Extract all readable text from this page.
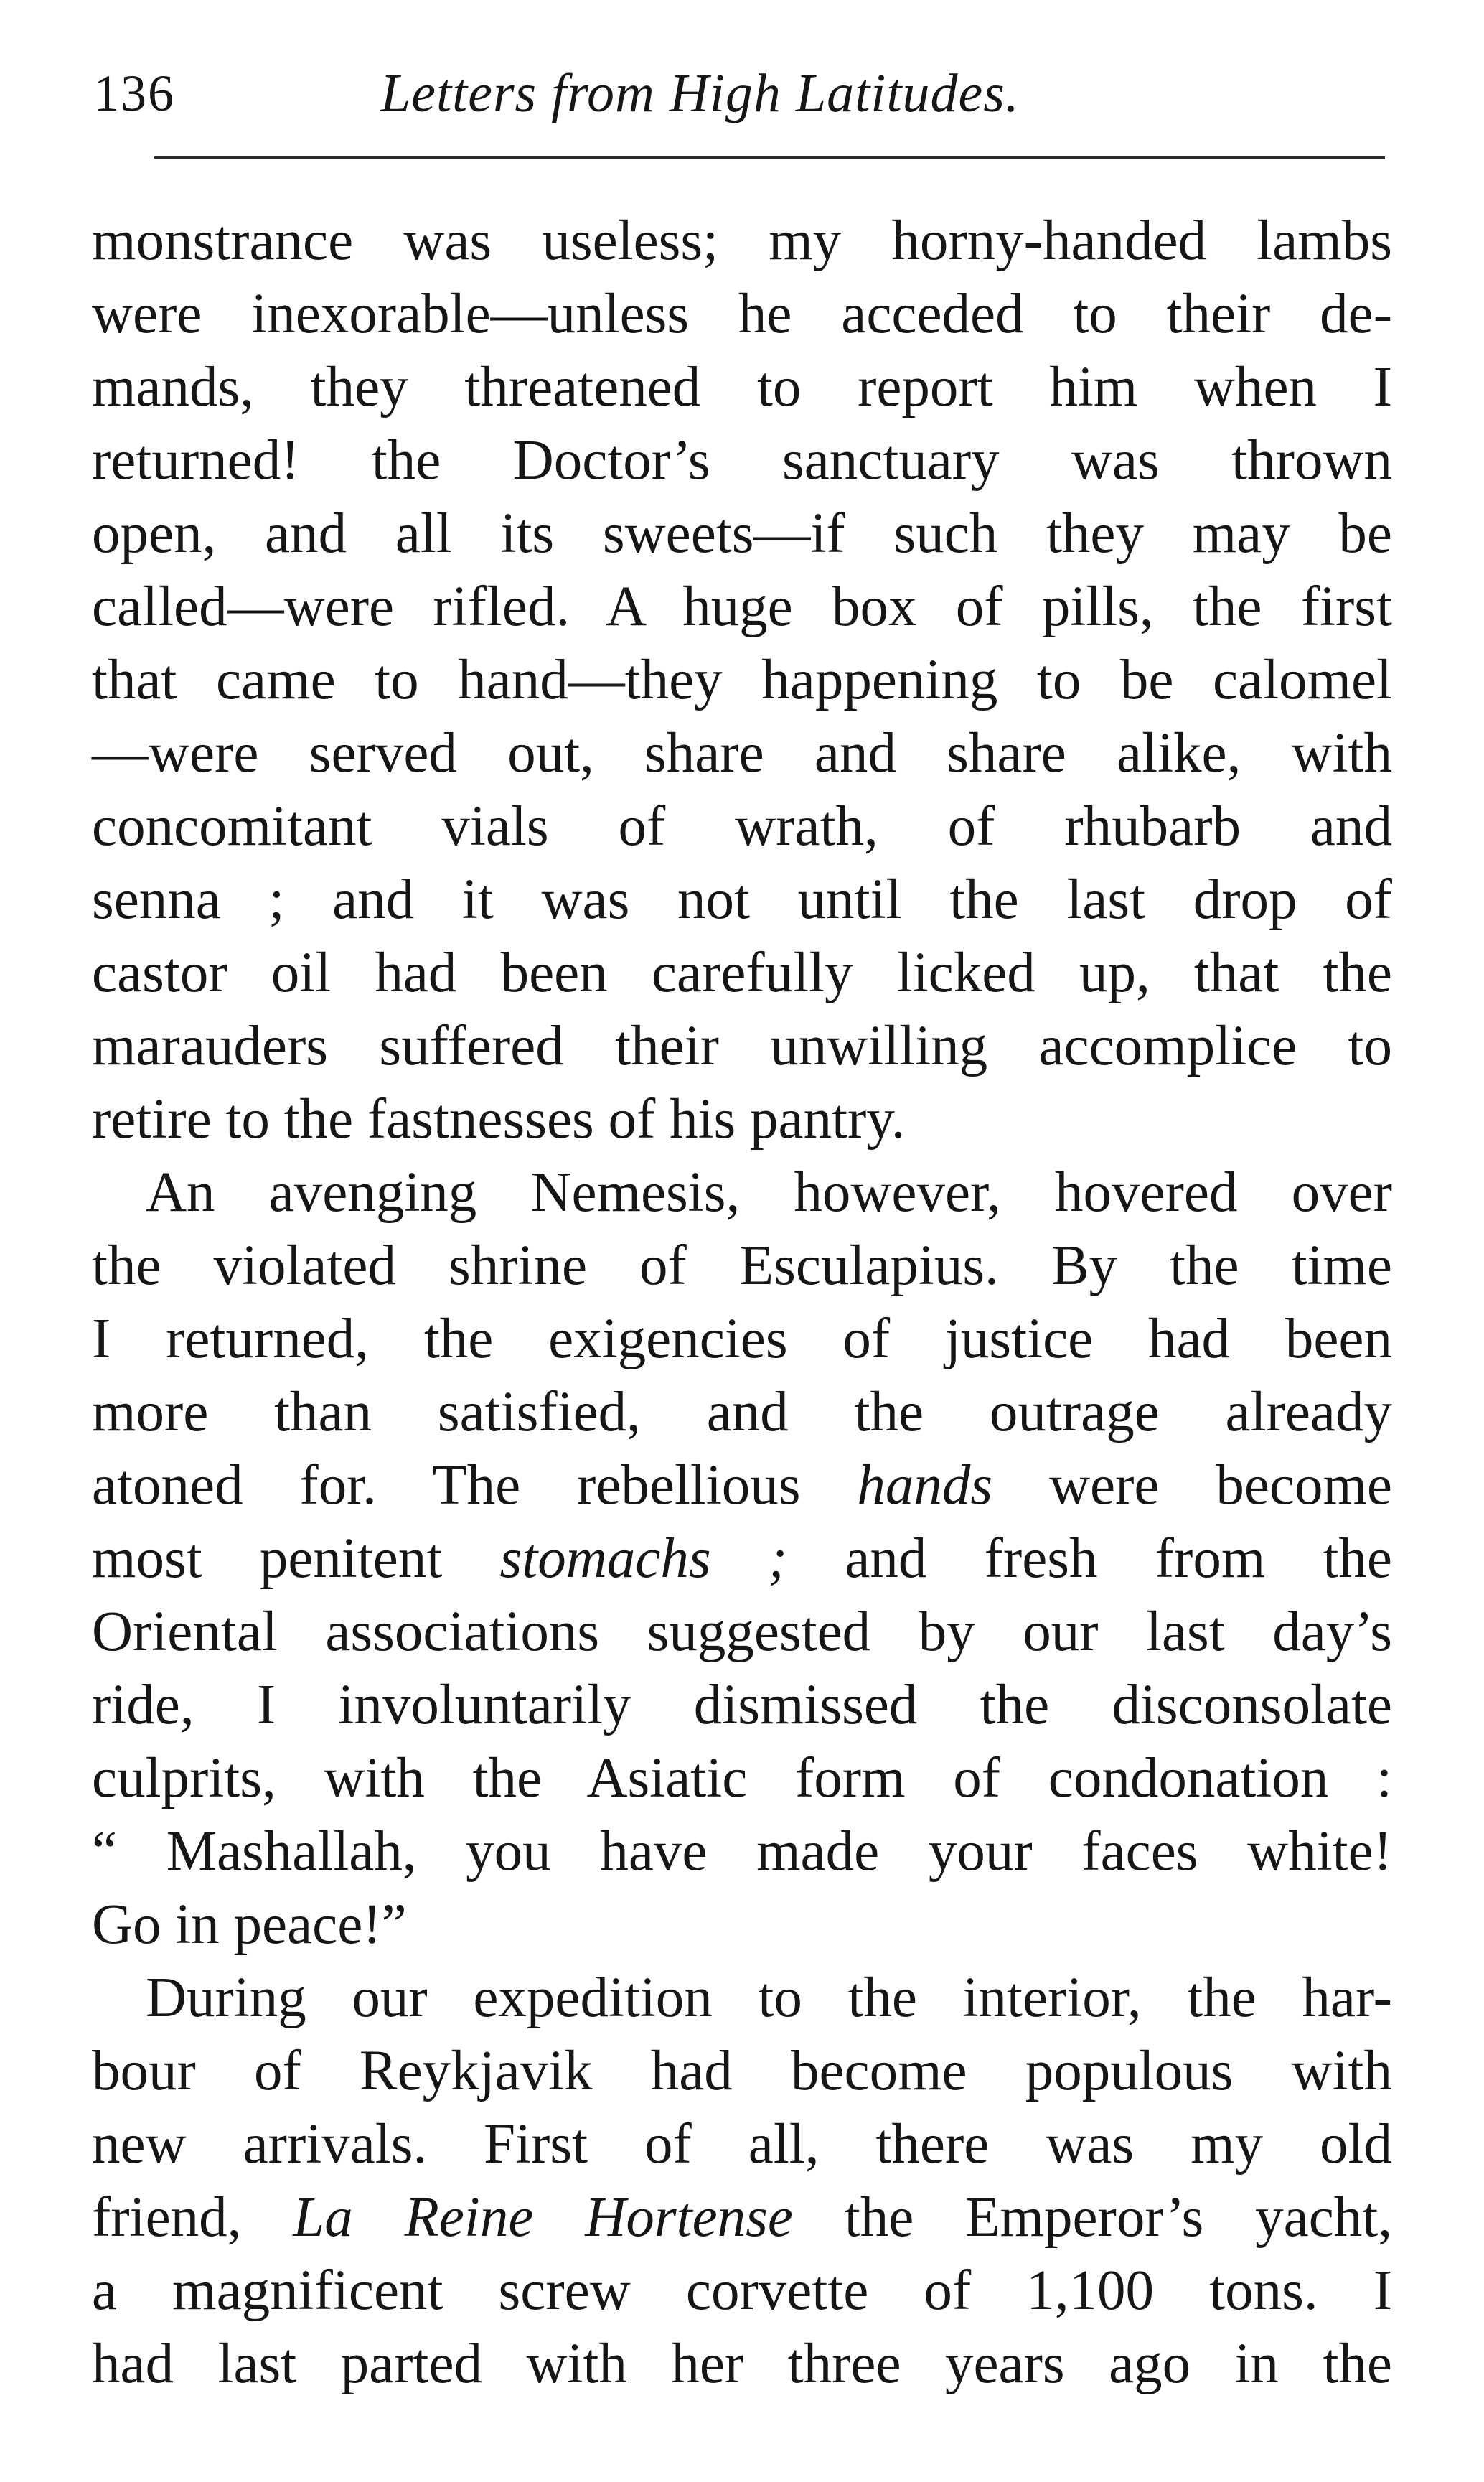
136	Letters from High Latitudes.
monstrance was useless; my horny-handed lambs
were inexorable—unless he acceded to their de-
mands, they threatened to report him when I
returned! the Doctor’s sanctuary was thrown
open, and all its sweets—if such they may be
called—were rifled. A huge box of pills, the first
that came to hand—they happening to be calomel
—were served out, share and share alike, with
concomitant vials of wrath, of rhubarb and
senna ; and it was not until the last drop of
castor oil had been carefully licked up, that the
marauders suffered their unwilling accomplice to
retire to the fastnesses of his pantry.
An avenging Nemesis, however, hovered over
the violated shrine of Esculapius. By the time
I returned, the exigencies of justice had been
more than satisfied, and the outrage already
atoned for. The rebellious hands were become
most penitent stomachs ; and fresh from the
Oriental associations suggested by our last day’s
ride, I involuntarily dismissed the disconsolate
culprits, with the Asiatic form of condonation :
“ Mashallah, you have made your faces white!
Go in peace!”
During our expedition to the interior, the har-
bour of Reykjavik had become populous with
new arrivals. First of all, there was my old
friend, La Reine Hortense the Emperor’s yacht,
a magnificent screw corvette of 1,100 tons. I
had last parted with her three years ago in the
